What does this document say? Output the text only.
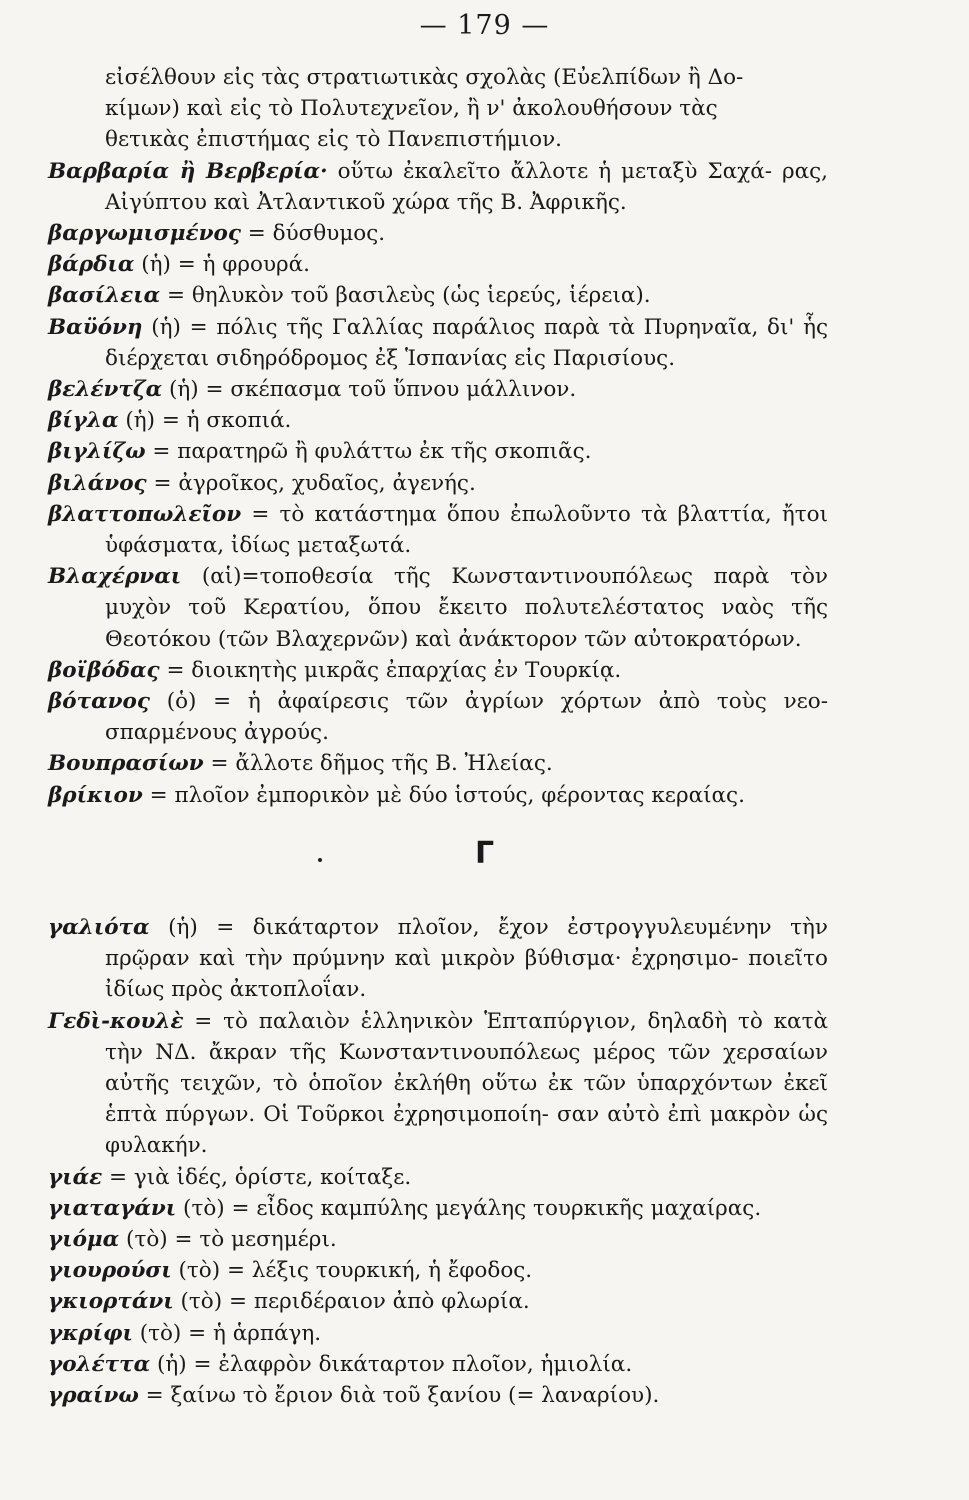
— 179 —

εἰσέλθουν εἰς τὰς στρατιωτικὰς σχολὰς (Εὐελπίδων ἢ Δο-
κίμων) καὶ εἰς τὸ Πολυτεχνεῖον, ἢ ν' ἀκολουθήσουν τὰς
θετικὰς ἐπιστήμας εἰς τὸ Πανεπιστήμιον.

Βαρβαρία ἢ Βερβερία· οὕτω ἐκαλεῖτο ἄλλοτε ἡ μεταξὺ Σαχά- ρας, Αἰγύπτου καὶ Ἀτλαντικοῦ χώρα τῆς Β. Ἀφρικῆς.

βαργωμισμένος = δύσθυμος.

βάρδια (ἡ) = ἡ φρουρά.

βασίλεια = θηλυκὸν τοῦ βασιλεὺς (ὡς ἱερεύς, ἱέρεια).

Βαϋόνη (ἡ) = πόλις τῆς Γαλλίας παράλιος παρὰ τὰ Πυρηναῖα, δι' ἧς διέρχεται σιδηρόδρομος ἐξ Ἱσπανίας εἰς Παρισίους.

βελέντζα (ἡ) = σκέπασμα τοῦ ὕπνου μάλλινον.

βίγλα (ἡ) = ἡ σκοπιά.

βιγλίζω = παρατηρῶ ἢ φυλάττω ἐκ τῆς σκοπιᾶς.

βιλάνος = ἀγροῖκος, χυδαῖος, ἀγενής.

βλαττοπωλεῖον = τὸ κατάστημα ὅπου ἐπωλοῦντο τὰ βλαττία, ἤτοι ὑφάσματα, ἰδίως μεταξωτά.

Βλαχέρναι (αἱ)=τοποθεσία τῆς Κωνσταντινουπόλεως παρὰ τὸν μυχὸν τοῦ Κερατίου, ὅπου ἔκειτο πολυτελέστατος ναὸς τῆς Θεοτόκου (τῶν Βλαχερνῶν) καὶ ἀνάκτορον τῶν αὐτοκρατόρων.

βοϊβόδας = διοικητὴς μικρᾶς ἐπαρχίας ἐν Τουρκίᾳ.

βότανος (ὁ) = ἡ ἀφαίρεσις τῶν ἀγρίων χόρτων ἀπὸ τοὺς νεο- σπαρμένους ἀγρούς.

Βουπρασίων = ἄλλοτε δῆμος τῆς Β. Ἠλείας.

βρίκιον = πλοῖον ἐμπορικὸν μὲ δύο ἱστούς, φέροντας κεραίας.

Γ

γαλιότα (ἡ) = δικάταρτον πλοῖον, ἔχον ἐστρογγυλευμένην τὴν πρῷραν καὶ τὴν πρύμνην καὶ μικρὸν βύθισμα· ἐχρησιμο- ποιεῖτο ἰδίως πρὸς ἀκτοπλοΐαν.

Γεδὶ-κουλὲ = τὸ παλαιὸν ἑλληνικὸν Ἑπταπύργιον, δηλαδὴ τὸ κατὰ τὴν ΝΔ. ἄκραν τῆς Κωνσταντινουπόλεως μέρος τῶν χερσαίων αὐτῆς τειχῶν, τὸ ὁποῖον ἐκλήθη οὕτω ἐκ τῶν ὑπαρχόντων ἐκεῖ ἑπτὰ πύργων. Οἱ Τοῦρκοι ἐχρησιμοποίη- σαν αὐτὸ ἐπὶ μακρὸν ὡς φυλακήν.

γιάε = γιὰ ἰδές, ὁρίστε, κοίταξε.

γιαταγάνι (τὸ) = εἶδος καμπύλης μεγάλης τουρκικῆς μαχαίρας.

γιόμα (τὸ) = τὸ μεσημέρι.

γιουρούσι (τὸ) = λέξις τουρκική, ἡ ἔφοδος.

γκιορτάνι (τὸ) = περιδέραιον ἀπὸ φλωρία.

γκρίφι (τὸ) = ἡ ἁρπάγη.

γολέττα (ἡ) = ἐλαφρὸν δικάταρτον πλοῖον, ἡμιολία.

γραίνω = ξαίνω τὸ ἔριον διὰ τοῦ ξανίου (= λαναρίου).
